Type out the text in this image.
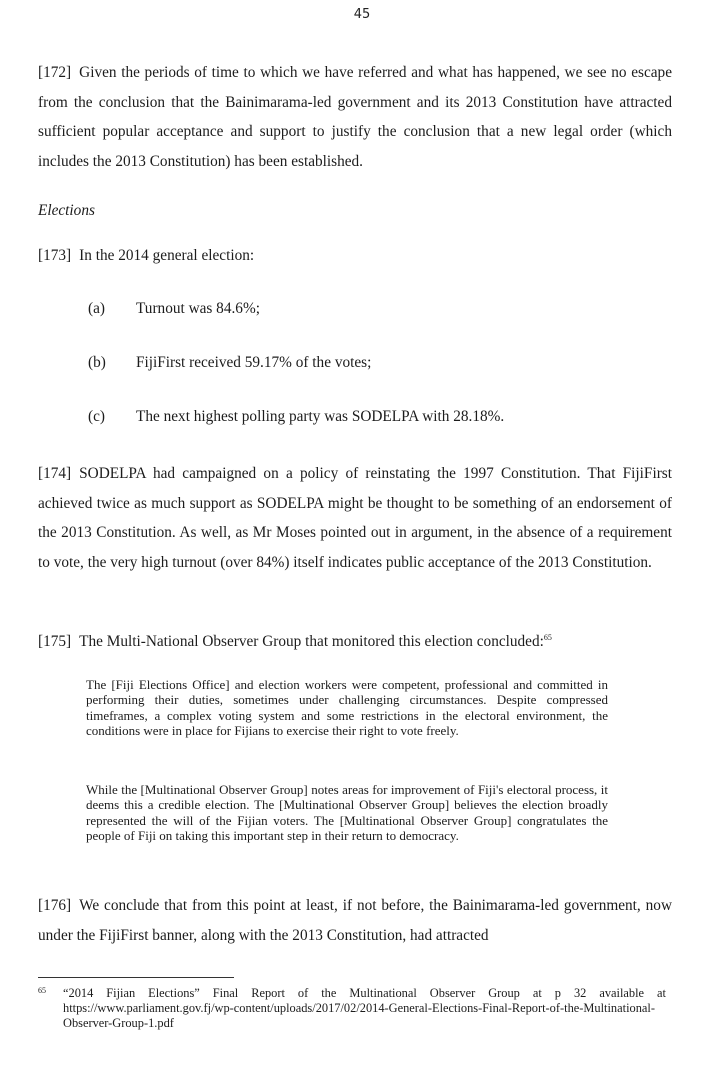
45

[172] Given the periods of time to which we have referred and what has happened, we see no escape from the conclusion that the Bainimarama-led government and its 2013 Constitution have attracted sufficient popular acceptance and support to justify the conclusion that a new legal order (which includes the 2013 Constitution) has been established.

Elections

[173] In the 2014 general election:

(a) Turnout was 84.6%;

(b) FijiFirst received 59.17% of the votes;

(c) The next highest polling party was SODELPA with 28.18%.

[174] SODELPA had campaigned on a policy of reinstating the 1997 Constitution. That FijiFirst achieved twice as much support as SODELPA might be thought to be something of an endorsement of the 2013 Constitution. As well, as Mr Moses pointed out in argument, in the absence of a requirement to vote, the very high turnout (over 84%) itself indicates public acceptance of the 2013 Constitution.

[175] The Multi-National Observer Group that monitored this election concluded:$^{65}$

The [Fiji Elections Office] and election workers were competent, professional and committed in performing their duties, sometimes under challenging circumstances. Despite compressed timeframes, a complex voting system and some restrictions in the electoral environment, the conditions were in place for Fijians to exercise their right to vote freely.

While the [Multinational Observer Group] notes areas for improvement of Fiji's electoral process, it deems this a credible election. The [Multinational Observer Group] believes the election broadly represented the will of the Fijian voters. The [Multinational Observer Group] congratulates the people of Fiji on taking this important step in their return to democracy.

[176] We conclude that from this point at least, if not before, the Bainimarama-led government, now under the FijiFirst banner, along with the 2013 Constitution, had attracted

65 “2014 Fijian Elections” Final Report of the Multinational Observer Group at p 32 available at https://www.parliament.gov.fj/wp-content/uploads/2017/02/2014-General-Elections-Final-Report-of-the-Multinational- Observer-Group-1.pdf
